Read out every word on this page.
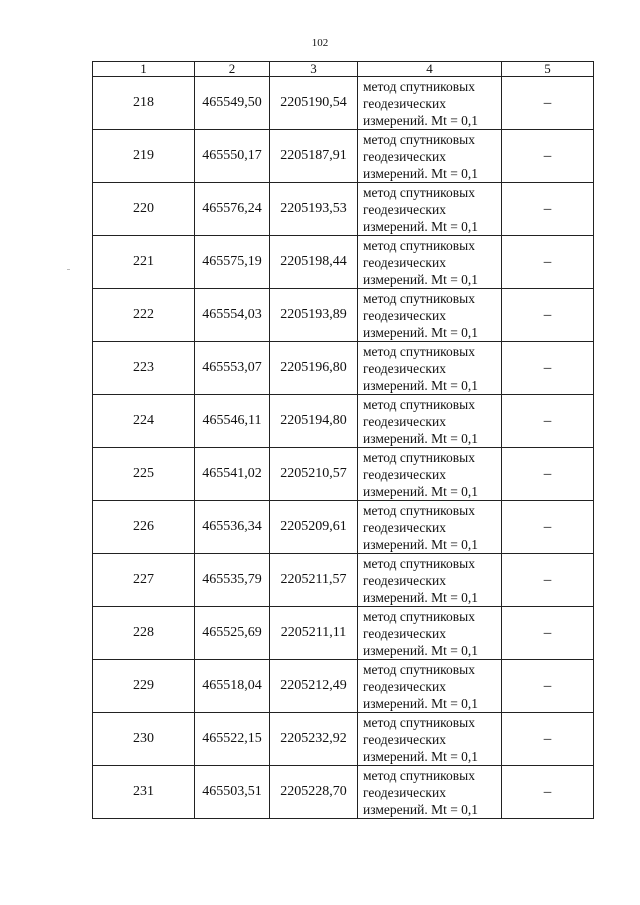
102
1	2	3	4	5
218	465549,50	2205190,54	метод спутниковых
геодезических
измерений. Mt = 0,1	–
219	465550,17	2205187,91	метод спутниковых
геодезических
измерений. Mt = 0,1	–
220	465576,24	2205193,53	метод спутниковых
геодезических
измерений. Mt = 0,1	–
221	465575,19	2205198,44	метод спутниковых
геодезических
измерений. Mt = 0,1	–
222	465554,03	2205193,89	метод спутниковых
геодезических
измерений. Mt = 0,1	–
223	465553,07	2205196,80	метод спутниковых
геодезических
измерений. Mt = 0,1	–
224	465546,11	2205194,80	метод спутниковых
геодезических
измерений. Mt = 0,1	–
225	465541,02	2205210,57	метод спутниковых
геодезических
измерений. Mt = 0,1	–
226	465536,34	2205209,61	метод спутниковых
геодезических
измерений. Mt = 0,1	–
227	465535,79	2205211,57	метод спутниковых
геодезических
измерений. Mt = 0,1	–
228	465525,69	2205211,11	метод спутниковых
геодезических
измерений. Mt = 0,1	–
229	465518,04	2205212,49	метод спутниковых
геодезических
измерений. Mt = 0,1	–
230	465522,15	2205232,92	метод спутниковых
геодезических
измерений. Mt = 0,1	–
231	465503,51	2205228,70	метод спутниковых
геодезических
измерений. Mt = 0,1	–
